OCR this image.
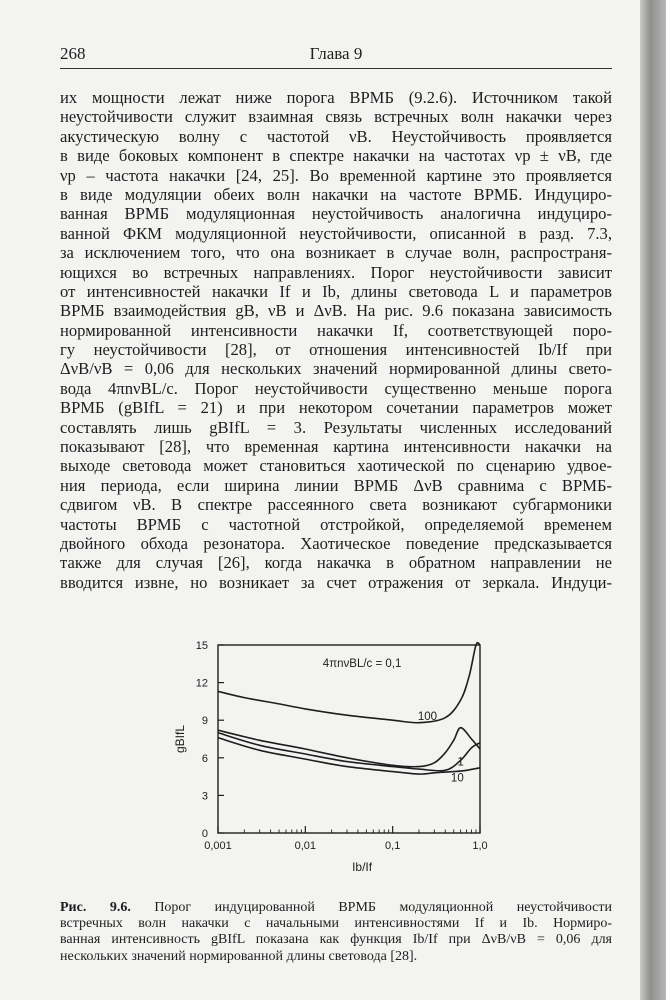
268	Глава 9
их мощности лежат ниже порога ВРМБ (9.2.6). Источником такой
неустойчивости служит взаимная связь встречных волн накачки через
акустическую волну с частотой νB. Неустойчивость проявляется
в виде боковых компонент в спектре накачки на частотах νp ± νB, где
νp – частота накачки [24, 25]. Во временной картине это проявляется
в виде модуляции обеих волн накачки на частоте ВРМБ. Индуциро-
ванная ВРМБ модуляционная неустойчивость аналогична индуциро-
ванной ФКМ модуляционной неустойчивости, описанной в разд. 7.3,
за исключением того, что она возникает в случае волн, распространя-
ющихся во встречных направлениях. Порог неустойчивости зависит
от интенсивностей накачки If и Ib, длины световода L и параметров
ВРМБ взаимодействия gB, νB и ΔνB. На рис. 9.6 показана зависимость
нормированной интенсивности накачки If, соответствующей поро-
гу неустойчивости [28], от отношения интенсивностей Ib/If при
ΔνB/νB = 0,06 для нескольких значений нормированной длины свето-
вода 4πnνBL/c. Порог неустойчивости существенно меньше порога
ВРМБ (gBIfL = 21) и при некотором сочетании параметров может
составлять лишь gBIfL = 3. Результаты численных исследований
показывают [28], что временная картина интенсивности накачки на
выходе световода может становиться хаотической по сценарию удвое-
ния периода, если ширина линии ВРМБ ΔνB сравнима с ВРМБ-
сдвигом νB. В спектре рассеянного света возникают субгармоники
частоты ВРМБ с частотной отстройкой, определяемой временем
двойного обхода резонатора. Хаотическое поведение предсказывается
также для случая [26], когда накачка в обратном направлении не
вводится извне, но возникает за счет отражения от зеркала. Индуци-
0
3
6
9
12
15
0,001	0,01	0,1	1,0
Ib/If
gBIfL
4πnνBL/c = 0,1
100
1
10
Рис. 9.6. Порог индуцированной ВРМБ модуляционной неустойчивости
встречных волн накачки с начальными интенсивностями If и Ib. Нормиро-
ванная интенсивность gBIfL показана как функция Ib/If при ΔνB/νB = 0,06 для
нескольких значений нормированной длины световода [28].
